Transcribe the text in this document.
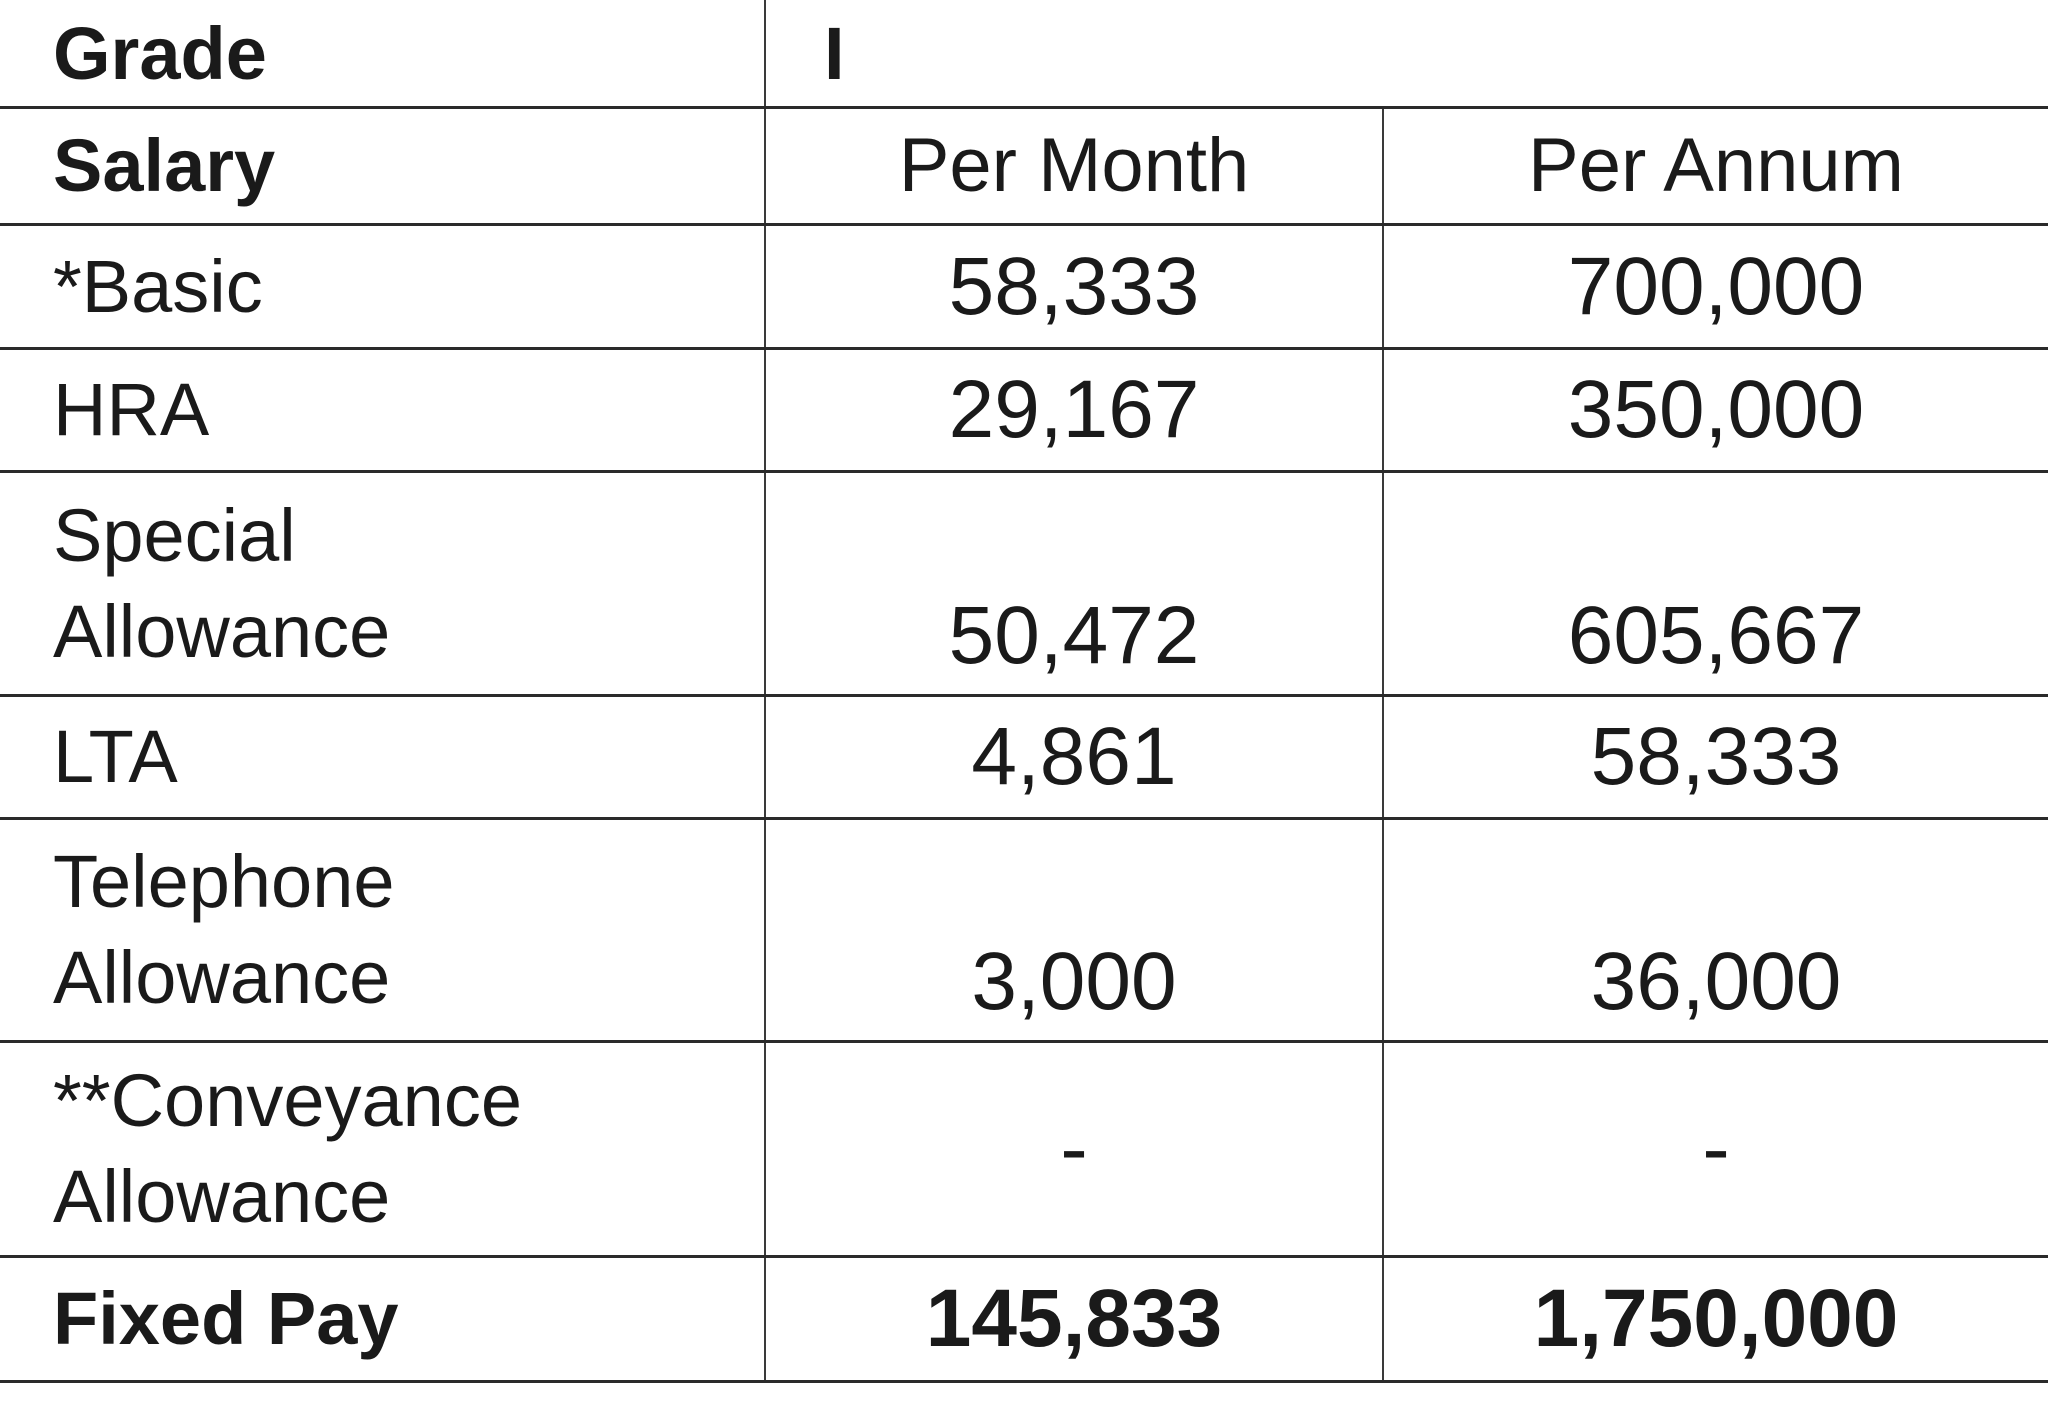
Grade	I	
Salary	Per Month	Per Annum
*Basic	58,333	700,000
HRA	29,167	350,000

Special
Allowance	50,472	605,667
LTA	4,861	58,333

Telephone
Allowance	3,000	36,000

**Conveyance
Allowance	-	-
Fixed Pay	145,833	1,750,000
